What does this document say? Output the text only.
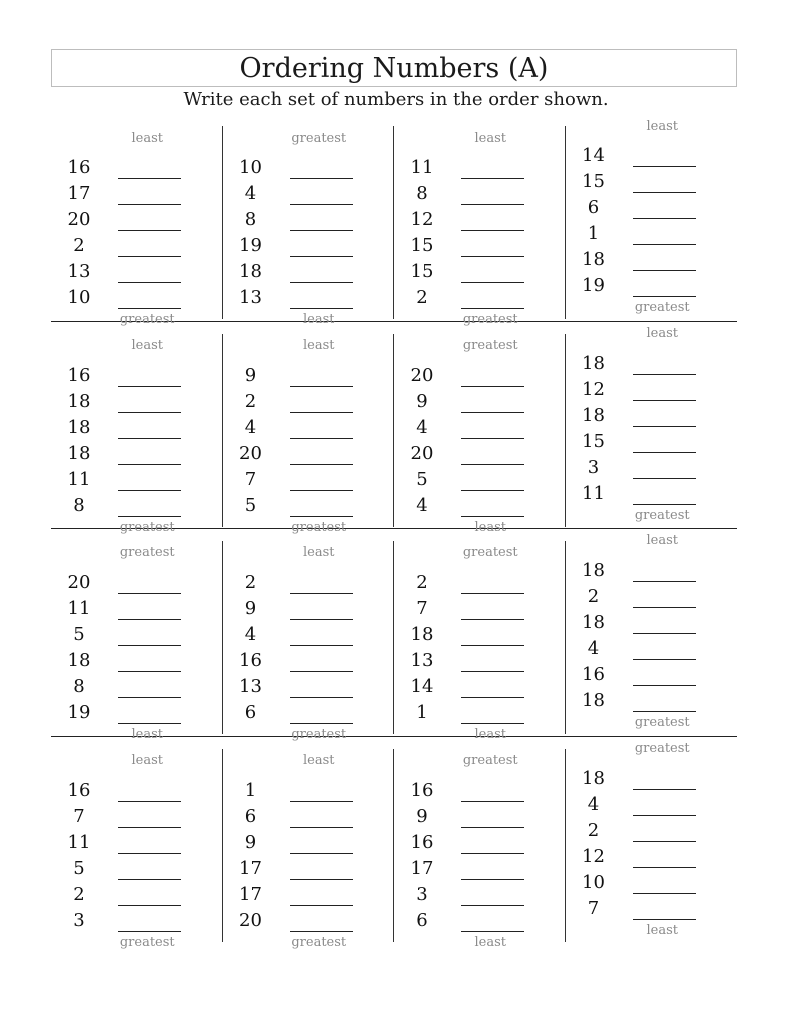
Ordering Numbers (A)
Write each set of numbers in the order shown.
least
16
17
20
2
13
10
greatest
greatest
10
4
8
19
18
13
least
least
11
8
12
15
15
2
greatest
least
14
15
6
1
18
19
greatest
least
16
18
18
18
11
8
greatest
least
9
2
4
20
7
5
greatest
greatest
20
9
4
20
5
4
least
least
18
12
18
15
3
11
greatest
greatest
20
11
5
18
8
19
least
least
2
9
4
16
13
6
greatest
greatest
2
7
18
13
14
1
least
least
18
2
18
4
16
18
greatest
least
16
7
11
5
2
3
greatest
least
1
6
9
17
17
20
greatest
greatest
16
9
16
17
3
6
least
greatest
18
4
2
12
10
7
least
